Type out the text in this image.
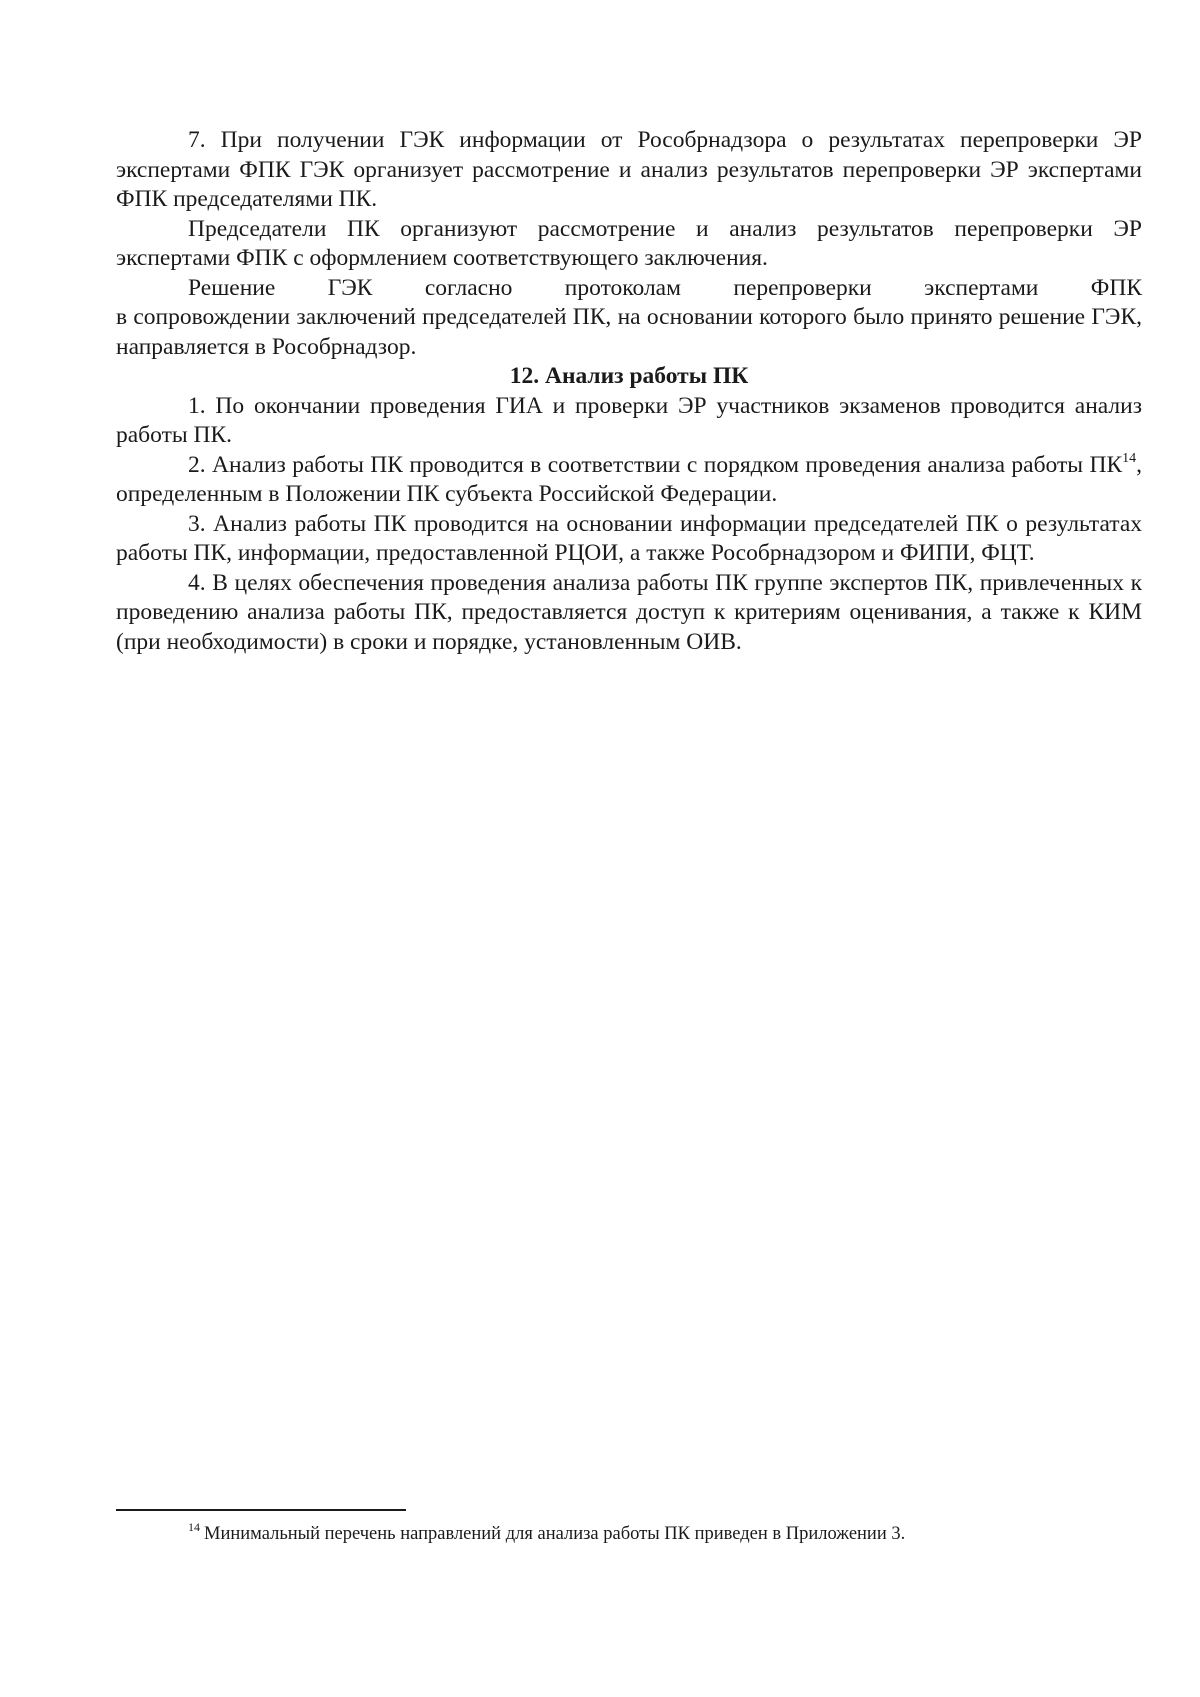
7. При получении ГЭК информации от Рособрнадзора о результатах перепроверки ЭР экспертами ФПК ГЭК организует рассмотрение и анализ результатов перепроверки ЭР экспертами ФПК председателями ПК.

Председатели ПК организуют рассмотрение и анализ результатов перепроверки ЭР экспертами ФПК с оформлением соответствующего заключения.

Решение ГЭК согласно протоколам перепроверки экспертами ФПК

в сопровождении заключений председателей ПК, на основании которого было принято решение ГЭК, направляется в Рособрнадзор.

12. Анализ работы ПК

1. По окончании проведения ГИА и проверки ЭР участников экзаменов проводится анализ работы ПК.

2. Анализ работы ПК проводится в соответствии с порядком проведения анализа работы ПК$^{14}$, определенным в Положении ПК субъекта Российской Федерации.

3. Анализ работы ПК проводится на основании информации председателей ПК о результатах работы ПК, информации, предоставленной РЦОИ, а также Рособрнадзором и ФИПИ, ФЦТ.

4. В целях обеспечения проведения анализа работы ПК группе экспертов ПК, привлеченных к проведению анализа работы ПК, предоставляется доступ к критериям оценивания, а также к КИМ (при необходимости) в сроки и порядке, установленным ОИВ.

$^{14}$ Минимальный перечень направлений для анализа работы ПК приведен в Приложении 3.
